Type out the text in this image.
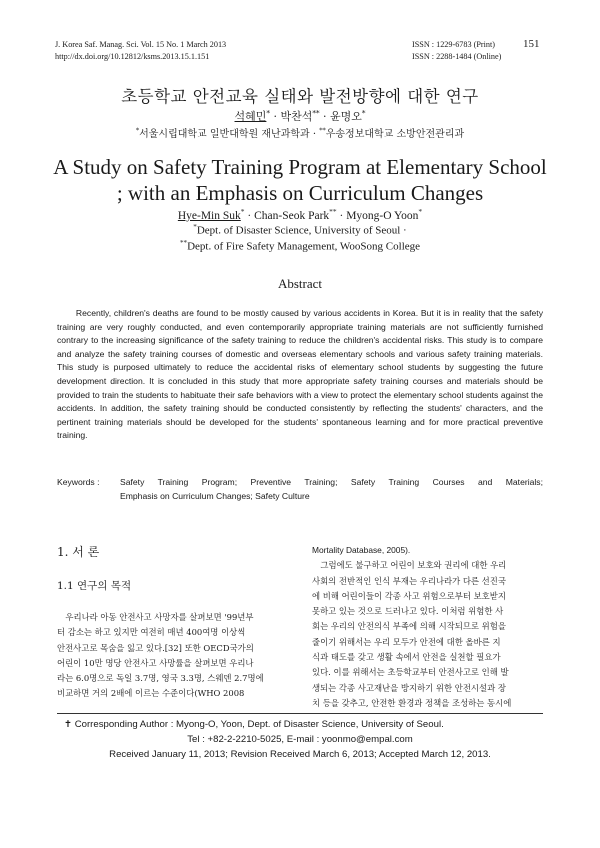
J. Korea Saf. Manag. Sci. Vol. 15 No. 1 March 2013
http://dx.doi.org/10.12812/ksms.2013.15.1.151
ISSN : 1229-6783 (Print)
ISSN : 2288-1484 (Online)
151
초등학교 안전교육 실태와 발전방향에 대한 연구
석혜민* · 박찬석** · 윤명오*
*서울시립대학교 일반대학원 재난과학과 · **우송정보대학교 소방안전관리과
A Study on Safety Training Program at Elementary School
; with an Emphasis on Curriculum Changes
Hye-Min Suk* · Chan-Seok Park** · Myong-O Yoon*
*Dept. of Disaster Science, University of Seoul ·
**Dept. of Fire Safety Management, WooSong College
Abstract
Recently, children's deaths are found to be mostly caused by various accidents in Korea. But it is in reality that the safety training are very roughly conducted, and even contemporarily appropriate training materials are not sufficiently furnished contrary to the increasing significance of the safety training to reduce the children's accidental risks. This study is to compare and analyze the safety training courses of domestic and overseas elementary schools and various safety training materials. This study is purposed ultimately to reduce the accidental risks of elementary school students by suggesting the future development direction. It is concluded in this study that more appropriate safety training courses and materials should be provided to train the students to habituate their safe behaviors with a view to protect the elementary school students against the accidents. In addition, the safety training should be conducted consistently by reflecting the students' characters, and the pertinent training materials should be developed for the students' spontaneous learning and for more practical preventive training.
Keywords : Safety Training Program; Preventive Training; Safety Training Courses and Materials;
Emphasis on Curriculum Changes; Safety Culture
1. 서 론
1.1 연구의 목적
우리나라 아동 안전사고 사망자를 살펴보면 '99년부
터 감소는 하고 있지만 여전히 매년 400여명 이상씩
안전사고로 목숨을 잃고 있다.[32] 또한 OECD국가의
어린이 10만 명당 안전사고 사망률을 살펴보면 우리나
라는 6.0명으로 독일 3.7명, 영국 3.3명, 스웨덴 2.7명에
비교하면 거의 2배에 이르는 수준이다(WHO 2008
Mortality Database, 2005).
그럼에도 불구하고 어린이 보호와 권리에 대한 우리
사회의 전반적인 인식 부재는 우리나라가 다른 선진국
에 비해 어린이들이 각종 사고 위험으로부터 보호받지
못하고 있는 것으로 드러나고 있다. 이처럼 위험한 사
회는 우리의 안전의식 부족에 의해 시작되므로 위험을
줄이기 위해서는 우리 모두가 안전에 대한 올바른 지
식과 태도를 갖고 생활 속에서 안전을 실천할 필요가
있다. 이를 위해서는 초등학교부터 안전사고로 인해 발
생되는 각종 사고재난을 방지하기 위한 안전시설과 장
치 등을 갖추고, 안전한 환경과 정책을 조성하는 동시에
✝ Corresponding Author : Myong-O, Yoon, Dept. of Disaster Science, University of Seoul.
Tel : +82-2-2210-5025, E-mail : yoonmo@empal.com
Received January 11, 2013; Revision Received March 6, 2013; Accepted March 12, 2013.
